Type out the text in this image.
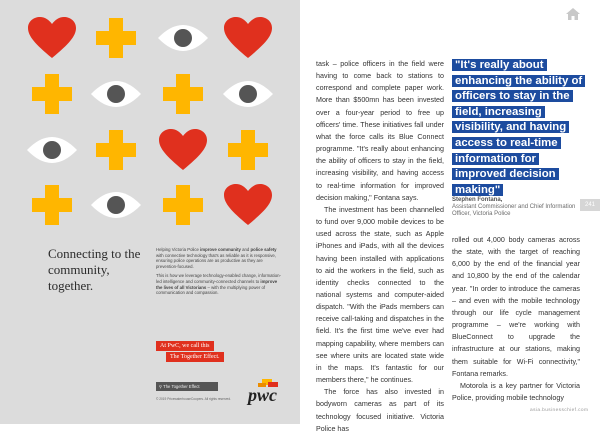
Connecting to the community, together.

Helping Victoria Police improve community and police safety with connective technology that's as reliable as it is responsive, ensuring police operations are as productive as they are prevention-focused.

This is how we leverage technology-enabled change, information-led intelligence and community-connected channels to improve the lives of all Victorians – with the multiplying power of communication and compassion.

At PwC, we call this
The Together Effect.
⚲ The Together Effect
© 2019 PricewaterhouseCoopers. All rights reserved. pwc

task – police officers in the field were having to come back to stations to correspond and complete paper work. More than $500mn has been invested over a four-year period to free up officers' time. These initiatives fall under what the force calls its Blue Connect programme. "It's really about enhancing the ability of officers to stay in the field, increasing visibility, and having access to real-time information for improved decision making," Fontana says.

The investment has been channelled to fund over 9,000 mobile devices to be used across the state, such as Apple iPhones and iPads, with all the devices having been installed with applications to aid the workers in the field, such as identity checks connected to the national systems and computer-aided dispatch. "With the iPads members can receive call-taking and dispatches in the field. It's the first time we've ever had mapping capability, where members can see where units are located state wide in the maps. It's fantastic for our members there," he continues.

The force has also invested in bodyworn cameras as part of its technology focused initiative. Victoria Police has

"It's really about enhancing the ability of officers to stay in the field, increasing visibility, and having access to real-time information for improved decision making"
Stephen Fontana,
Assistant Commissioner and Chief Information Officer, Victoria Police
241

rolled out 4,000 body cameras across the state, with the target of reaching 6,000 by the end of the financial year and 10,800 by the end of the calendar year. "In order to introduce the cameras – and even with the mobile technology through our life cycle management programme – we're working with BlueConnect to upgrade the infrastructure at our stations, making them suitable for Wi-Fi connectivity," Fontana remarks.

Motorola is a key partner for Victoria Police, providing mobile technology

asia.businesschief.com
